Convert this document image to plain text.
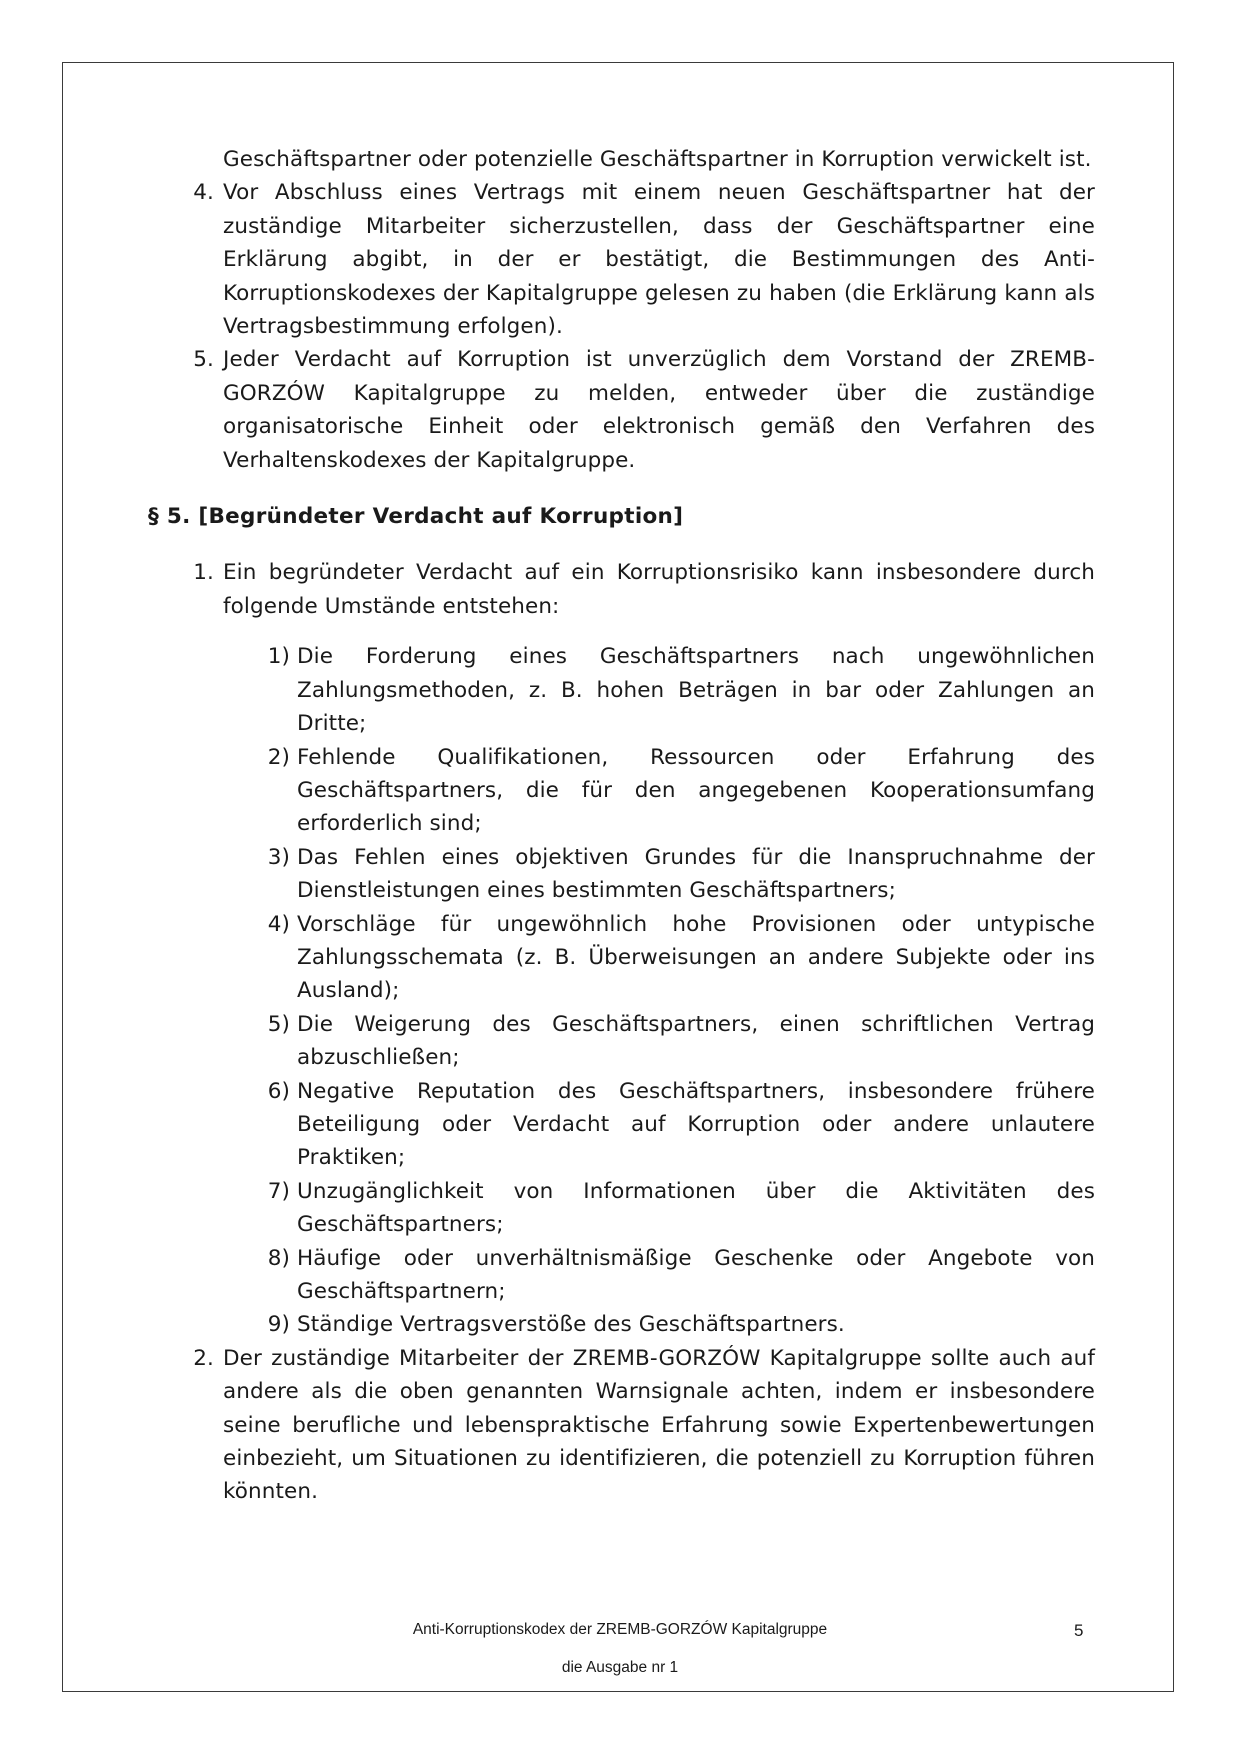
Geschäftspartner oder potenzielle Geschäftspartner in Korruption verwickelt ist.
4. Vor Abschluss eines Vertrags mit einem neuen Geschäftspartner hat der zuständige Mitarbeiter sicherzustellen, dass der Geschäftspartner eine Erklärung abgibt, in der er bestätigt, die Bestimmungen des Anti-Korruptionskodexes der Kapitalgruppe gelesen zu haben (die Erklärung kann als Vertragsbestimmung erfolgen).
5. Jeder Verdacht auf Korruption ist unverzüglich dem Vorstand der ZREMB-GORZÓW Kapitalgruppe zu melden, entweder über die zuständige organisatorische Einheit oder elektronisch gemäß den Verfahren des Verhaltenskodexes der Kapitalgruppe.
§ 5. [Begründeter Verdacht auf Korruption]
1. Ein begründeter Verdacht auf ein Korruptionsrisiko kann insbesondere durch folgende Umstände entstehen:
1) Die Forderung eines Geschäftspartners nach ungewöhnlichen Zahlungsmethoden, z. B. hohen Beträgen in bar oder Zahlungen an Dritte;
2) Fehlende Qualifikationen, Ressourcen oder Erfahrung des Geschäftspartners, die für den angegebenen Kooperationsumfang erforderlich sind;
3) Das Fehlen eines objektiven Grundes für die Inanspruchnahme der Dienstleistungen eines bestimmten Geschäftspartners;
4) Vorschläge für ungewöhnlich hohe Provisionen oder untypische Zahlungsschemata (z. B. Überweisungen an andere Subjekte oder ins Ausland);
5) Die Weigerung des Geschäftspartners, einen schriftlichen Vertrag abzuschließen;
6) Negative Reputation des Geschäftspartners, insbesondere frühere Beteiligung oder Verdacht auf Korruption oder andere unlautere Praktiken;
7) Unzugänglichkeit von Informationen über die Aktivitäten des Geschäftspartners;
8) Häufige oder unverhältnismäßige Geschenke oder Angebote von Geschäftspartnern;
9) Ständige Vertragsverstöße des Geschäftspartners.
2. Der zuständige Mitarbeiter der ZREMB-GORZÓW Kapitalgruppe sollte auch auf andere als die oben genannten Warnsignale achten, indem er insbesondere seine berufliche und lebenspraktische Erfahrung sowie Expertenbewertungen einbezieht, um Situationen zu identifizieren, die potenziell zu Korruption führen könnten.
Anti-Korruptionskodex der ZREMB-GORZÓW Kapitalgruppe	5
die Ausgabe nr 1
